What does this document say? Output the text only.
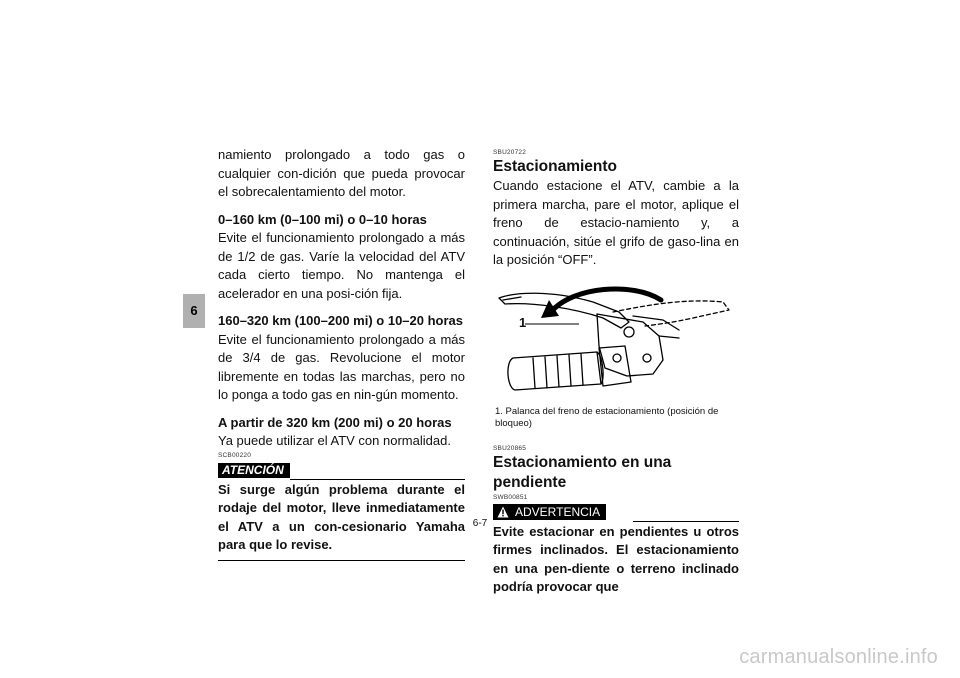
6

namiento prolongado a todo gas o cualquier con-dición que pueda provocar el sobrecalentamiento del motor.

0–160 km (0–100 mi) o 0–10 horas

Evite el funcionamiento prolongado a más de 1/2 de gas. Varíe la velocidad del ATV cada cierto tiempo. No mantenga el acelerador en una posi-ción fija.

160–320 km (100–200 mi) o 10–20 horas

Evite el funcionamiento prolongado a más de 3/4 de gas. Revolucione el motor libremente en todas las marchas, pero no lo ponga a todo gas en nin-gún momento.

A partir de 320 km (200 mi) o 20 horas

Ya puede utilizar el ATV con normalidad.

SCB00220
ATENCIÓN

Si surge algún problema durante el rodaje del motor, lleve inmediatamente el ATV a un con-cesionario Yamaha para que lo revise.

SBU20722
Estacionamiento

Cuando estacione el ATV, cambie a la primera marcha, pare el motor, aplique el freno de estacio-namiento y, a continuación, sitúe el grifo de gaso-lina en la posición “OFF”.

1

1. Palanca del freno de estacionamiento (posición de bloqueo)

SBU20865
Estacionamiento en una pendiente
SWB00851
ADVERTENCIA

Evite estacionar en pendientes u otros firmes inclinados. El estacionamiento en una pen-diente o terreno inclinado podría provocar que

6-7
carmanualsonline.info
